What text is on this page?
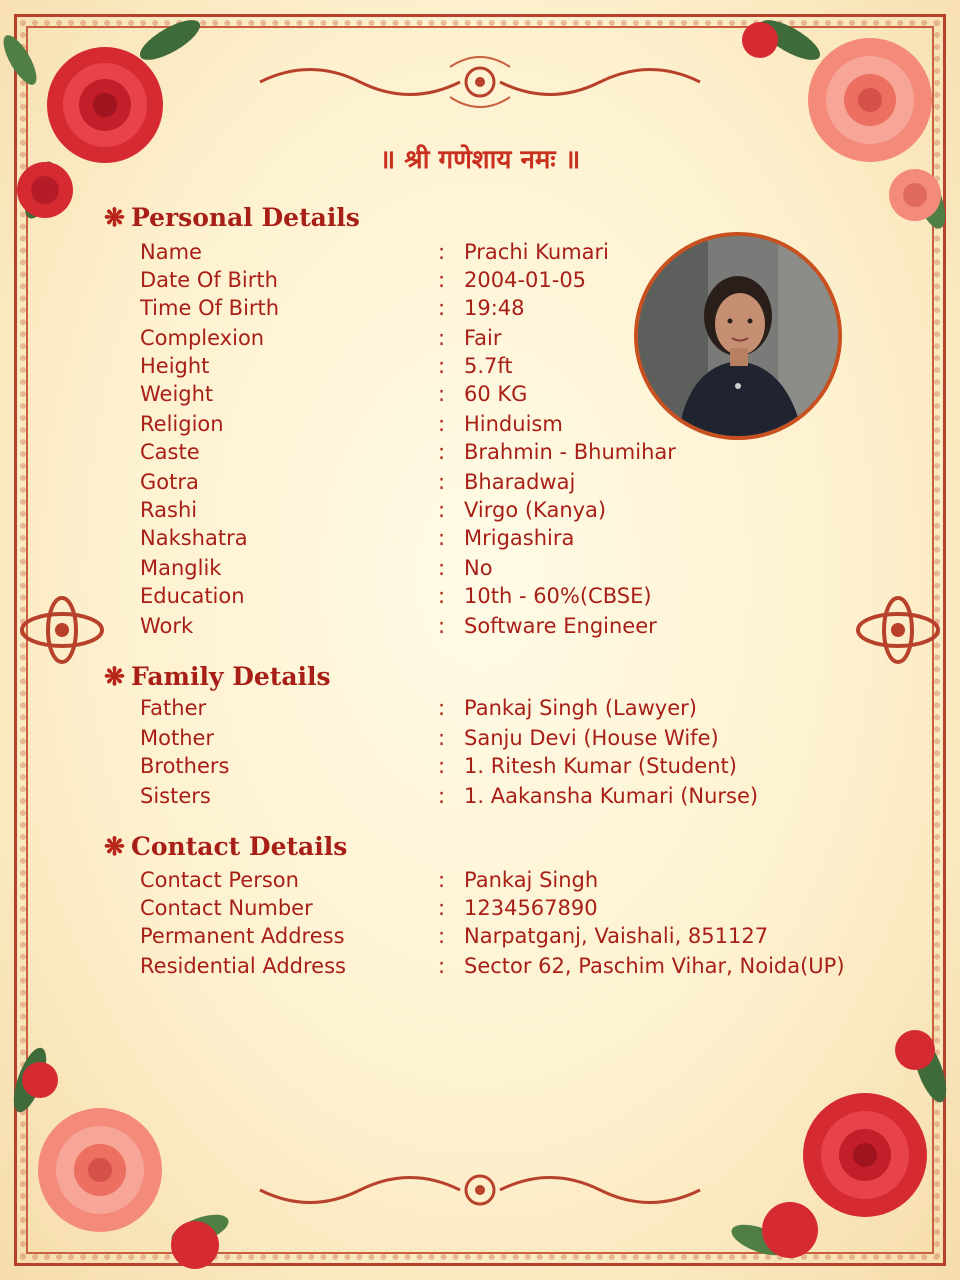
॥ श्री गणेशाय नमः ॥
❋ Personal Details
❋ Family Details
❋ Contact Details
Name	: Prachi Kumari
Date Of Birth	: 2004-01-05
Time Of Birth	: 19:48
Complexion	: Fair
Height	: 5.7ft
Weight	: 60 KG
Religion	: Hinduism
Caste	: Brahmin - Bhumihar
Gotra	: Bharadwaj
Rashi	: Virgo (Kanya)
Nakshatra	: Mrigashira
Manglik	: No
Education	: 10th - 60%(CBSE)
Work	: Software Engineer
Father	: Pankaj Singh (Lawyer)
Mother	: Sanju Devi (House Wife)
Brothers	: 1. Ritesh Kumar (Student)
Sisters	: 1. Aakansha Kumari (Nurse)
Contact Person	: Pankaj Singh
Contact Number	: 1234567890
Permanent Address	: Narpatganj, Vaishali, 851127
Residential Address	: Sector 62, Paschim Vihar, Noida(UP)
